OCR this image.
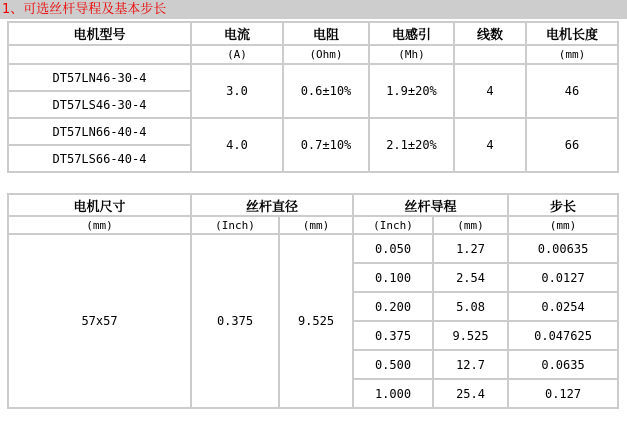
1、可选丝杆导程及基本步长
电机型号	电流	电阻	电感引	线数	电机长度
	(A)	(Ohm)	(Mh)		(mm)
DT57LN46-30-4	3.0	0.6±10%	1.9±20%	4	46
DT57LS46-30-4					
DT57LN66-40-4	4.0	0.7±10%	2.1±20%	4	66
DT57LS66-40-4					
电机尺寸	丝杆直径		丝杆导程		步长
(mm)	(Inch)	(mm)	(Inch)	(mm)	(mm)
57x57	0.375	9.525	0.050	1.27	0.00635
			0.100	2.54	0.0127
			0.200	5.08	0.0254
			0.375	9.525	0.047625
			0.500	12.7	0.0635
			1.000	25.4	0.127
